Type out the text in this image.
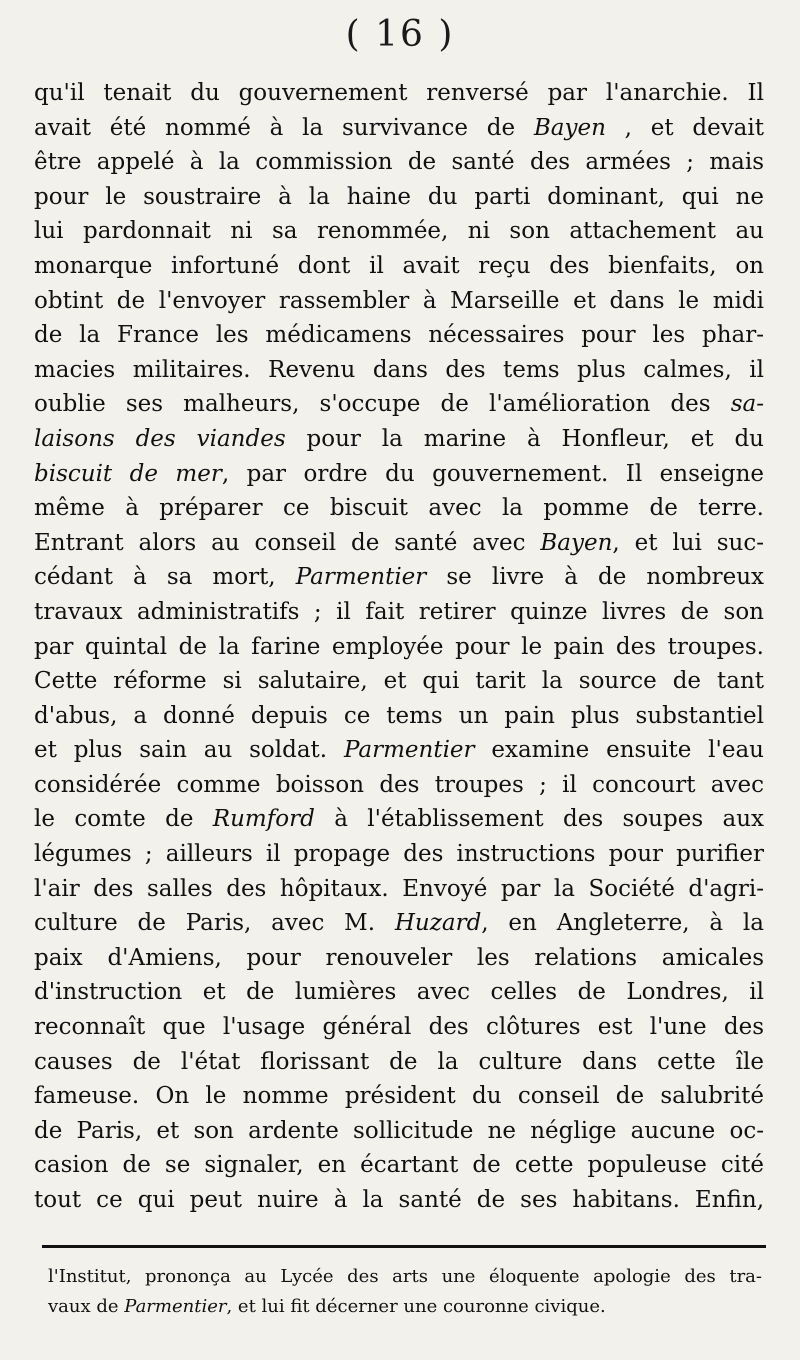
( 16 )
qu'il tenait du gouvernement renversé par l'anarchie. Il
avait été nommé à la survivance de Bayen , et devait
être appelé à la commission de santé des armées ; mais
pour le soustraire à la haine du parti dominant, qui ne
lui pardonnait ni sa renommée, ni son attachement au
monarque infortuné dont il avait reçu des bienfaits, on
obtint de l'envoyer rassembler à Marseille et dans le midi
de la France les médicamens nécessaires pour les phar-
macies militaires. Revenu dans des tems plus calmes, il
oublie ses malheurs, s'occupe de l'amélioration des sa-
laisons des viandes pour la marine à Honfleur, et du
biscuit de mer, par ordre du gouvernement. Il enseigne
même à préparer ce biscuit avec la pomme de terre.
Entrant alors au conseil de santé avec Bayen, et lui suc-
cédant à sa mort, Parmentier se livre à de nombreux
travaux administratifs ; il fait retirer quinze livres de son
par quintal de la farine employée pour le pain des troupes.
Cette réforme si salutaire, et qui tarit la source de tant
d'abus, a donné depuis ce tems un pain plus substantiel
et plus sain au soldat. Parmentier examine ensuite l'eau
considérée comme boisson des troupes ; il concourt avec
le comte de Rumford à l'établissement des soupes aux
légumes ; ailleurs il propage des instructions pour purifier
l'air des salles des hôpitaux. Envoyé par la Société d'agri-
culture de Paris, avec M. Huzard, en Angleterre, à la
paix d'Amiens, pour renouveler les relations amicales
d'instruction et de lumières avec celles de Londres, il
reconnaît que l'usage général des clôtures est l'une des
causes de l'état florissant de la culture dans cette île
fameuse. On le nomme président du conseil de salubrité
de Paris, et son ardente sollicitude ne néglige aucune oc-
casion de se signaler, en écartant de cette populeuse cité
tout ce qui peut nuire à la santé de ses habitans. Enfin,
l'Institut, prononça au Lycée des arts une éloquente apologie des tra-
vaux de Parmentier, et lui fit décerner une couronne civique.
